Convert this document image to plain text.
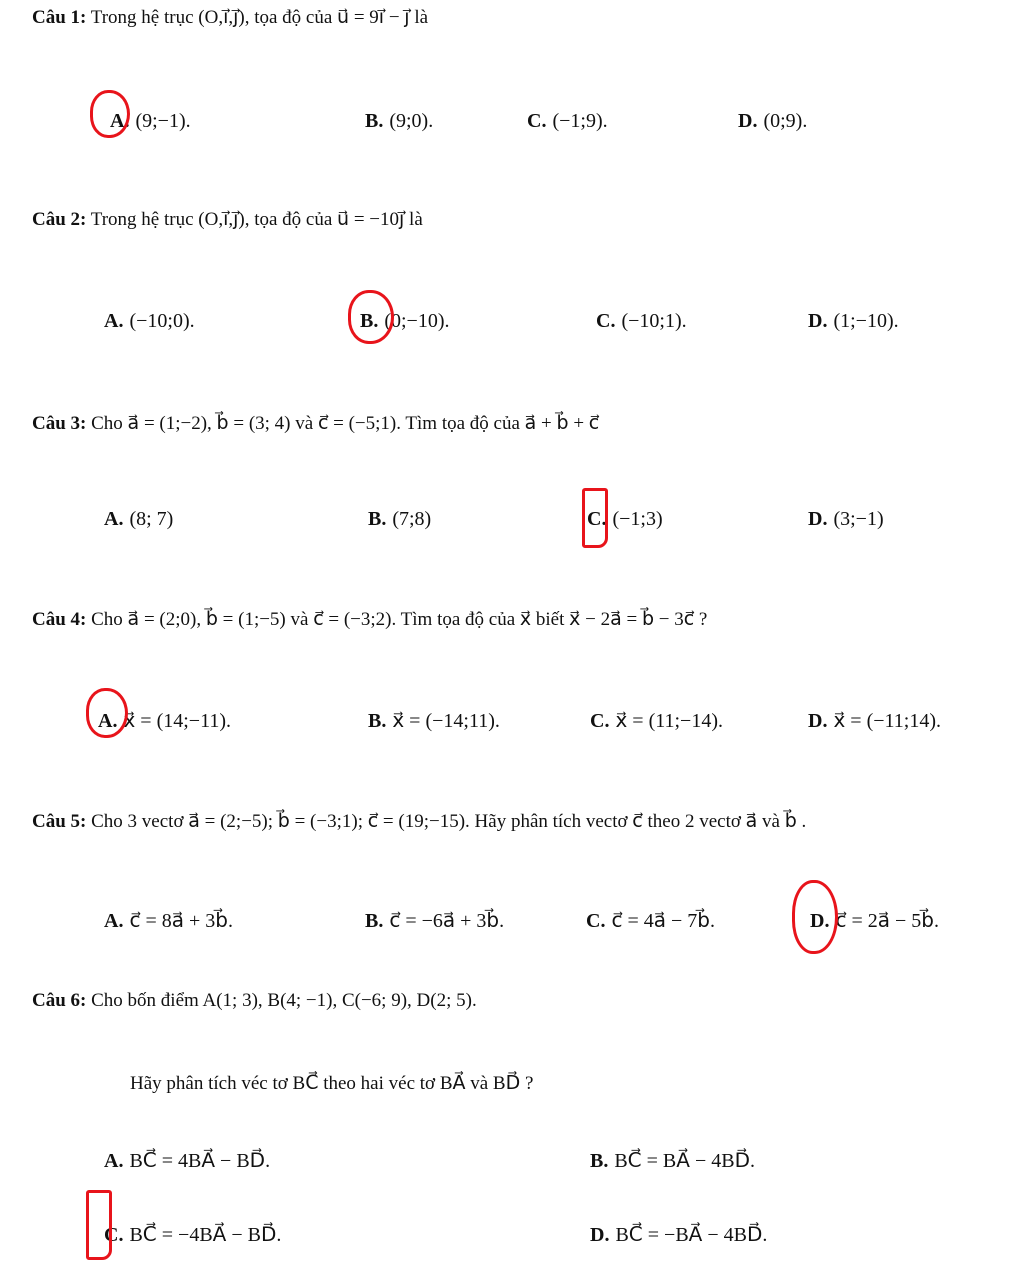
Câu 1: Trong hệ trục (O,i⃗,j⃗), tọa độ của u⃗ = 9i⃗ − j⃗ là
A. (9;−1).	B. (9;0).	C. (−1;9).	D. (0;9).
Câu 2: Trong hệ trục (O,i⃗,j⃗), tọa độ của u⃗ = −10j⃗ là
A. (−10;0).	B. (0;−10).	C. (−10;1).	D. (1;−10).
Câu 3: Cho a⃗ = (1;−2), b⃗ = (3; 4) và c⃗ = (−5;1). Tìm tọa độ của a⃗ + b⃗ + c⃗
A. (8; 7)	B. (7;8)	C. (−1;3)	D. (3;−1)
Câu 4: Cho a⃗ = (2;0), b⃗ = (1;−5) và c⃗ = (−3;2). Tìm tọa độ của x⃗ biết x⃗ − 2a⃗ = b⃗ − 3c⃗ ?
A. x⃗ = (14;−11).	B. x⃗ = (−14;11).	C. x⃗ = (11;−14).	D. x⃗ = (−11;14).
Câu 5: Cho 3 vectơ a⃗ = (2;−5); b⃗ = (−3;1); c⃗ = (19;−15). Hãy phân tích vectơ c⃗ theo 2 vectơ a⃗ và b⃗ .
A. c⃗ = 8a⃗ + 3b⃗.	B. c⃗ = −6a⃗ + 3b⃗.	C. c⃗ = 4a⃗ − 7b⃗.	D. c⃗ = 2a⃗ − 5b⃗.
Câu 6: Cho bốn điểm A(1; 3), B(4; −1), C(−6; 9), D(2; 5).
Hãy phân tích véc tơ BC⃗ theo hai véc tơ BA⃗ và BD⃗ ?
A. BC⃗ = 4BA⃗ − BD⃗.	B. BC⃗ = BA⃗ − 4BD⃗.
C. BC⃗ = −4BA⃗ − BD⃗.	D. BC⃗ = −BA⃗ − 4BD⃗.
